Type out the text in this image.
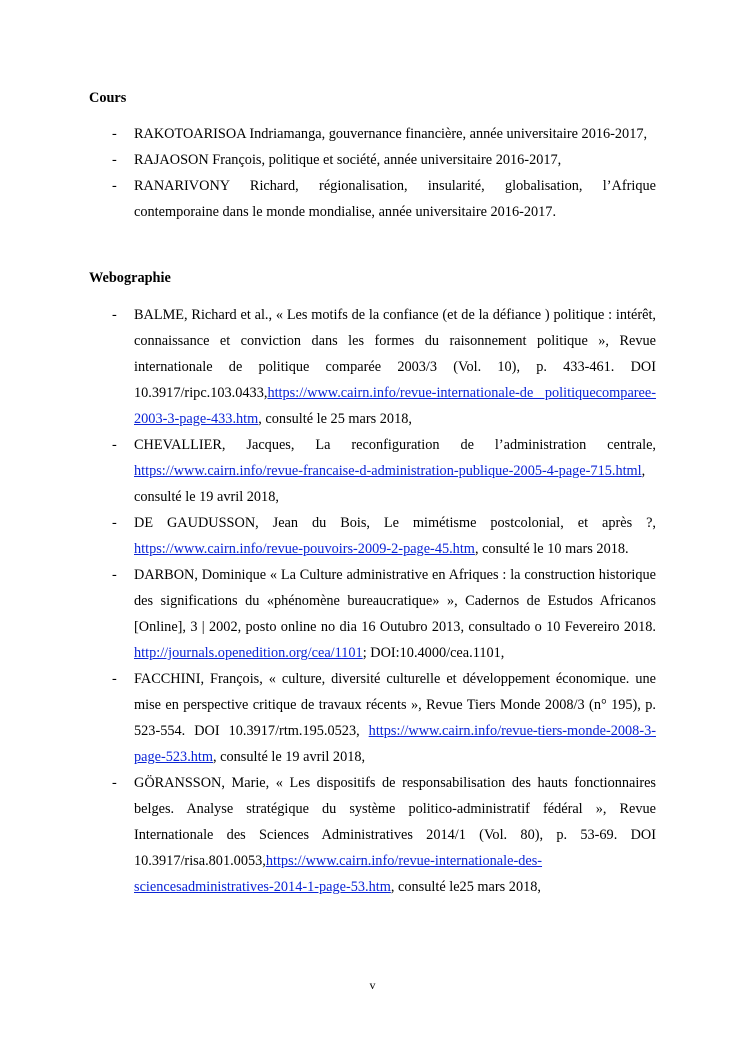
Cours
- RAKOTOARISOA Indriamanga, gouvernance financière, année universitaire 2016-2017,
- RAJAOSON François, politique et société, année universitaire 2016-2017,
- RANARIVONY Richard, régionalisation, insularité, globalisation, l’Afrique contemporaine dans le monde mondialise, année universitaire 2016-2017.
Webographie
- BALME, Richard et al., « Les motifs de la confiance (et de la défiance ) politique : intérêt, connaissance et conviction dans les formes du raisonnement politique », Revue internationale de politique comparée 2003/3 (Vol. 10), p. 433-461. DOI 10.3917/ripc.103.0433,https://www.cairn.info/revue-internationale-de politiquecomparee-2003-3-page-433.htm, consulté le 25 mars 2018,
- CHEVALLIER, Jacques, La reconfiguration de l’administration centrale, https://www.cairn.info/revue-francaise-d-administration-publique-2005-4-page-715.html, consulté le 19 avril 2018,
- DE GAUDUSSON, Jean du Bois, Le mimétisme postcolonial, et après ?, https://www.cairn.info/revue-pouvoirs-2009-2-page-45.htm, consulté le 10 mars 2018.
- DARBON, Dominique « La Culture administrative en Afriques : la construction historique des significations du «phénomène bureaucratique» », Cadernos de Estudos Africanos [Online], 3 | 2002, posto online no dia 16 Outubro 2013, consultado o 10 Fevereiro 2018. http://journals.openedition.org/cea/1101; DOI:10.4000/cea.1101,
- FACCHINI, François, « culture, diversité culturelle et développement économique. une mise en perspective critique de travaux récents », Revue Tiers Monde 2008/3 (n° 195), p. 523-554. DOI 10.3917/rtm.195.0523, https://www.cairn.info/revue-tiers-monde-2008-3-page-523.htm, consulté le 19 avril 2018,
- GÖRANSSON, Marie, « Les dispositifs de responsabilisation des hauts fonctionnaires belges. Analyse stratégique du système politico-administratif fédéral », Revue Internationale des Sciences Administratives 2014/1 (Vol. 80), p. 53-69. DOI 10.3917/risa.801.0053,https://www.cairn.info/revue-internationale-des-sciencesadministratives-2014-1-page-53.htm, consulté le25 mars 2018,
v
